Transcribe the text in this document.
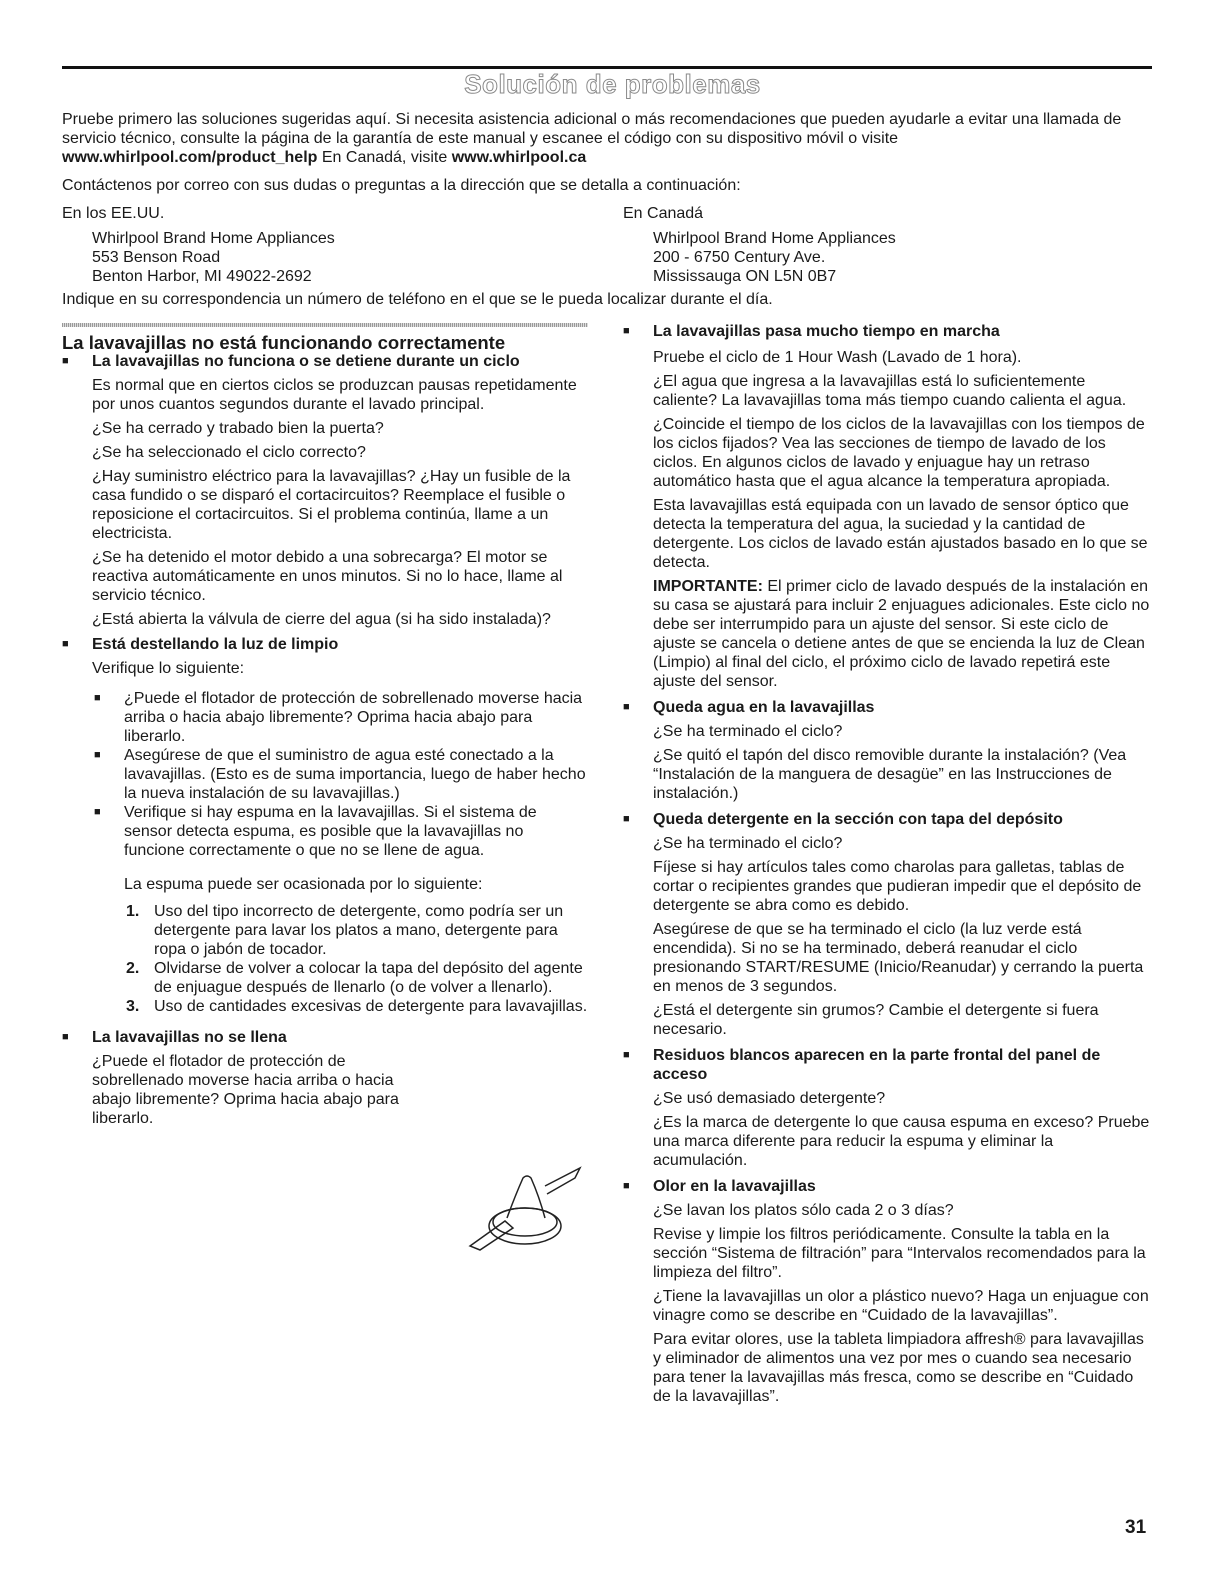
Solución de problemas

Pruebe primero las soluciones sugeridas aquí. Si necesita asistencia adicional o más recomendaciones que pueden ayudarle a evitar una llamada de servicio técnico, consulte la página de la garantía de este manual y escanee el código con su dispositivo móvil o visite www.whirlpool.com/product_help En Canadá, visite www.whirlpool.ca

Contáctenos por correo con sus dudas o preguntas a la dirección que se detalla a continuación:
En los EE.UU.	En Canadá
Whirlpool Brand Home Appliances
553 Benson Road
Benton Harbor, MI 49022-2692
Whirlpool Brand Home Appliances
200 - 6750 Century Ave.
Mississauga ON L5N 0B7
Indique en su correspondencia un número de teléfono en el que se le pueda localizar durante el día.

La lavavajillas no está funcionando correctamente

■ La lavavajillas no funciona o se detiene durante un ciclo

Es normal que en ciertos ciclos se produzcan pausas repetidamente por unos cuantos segundos durante el lavado principal.

¿Se ha cerrado y trabado bien la puerta?

¿Se ha seleccionado el ciclo correcto?

¿Hay suministro eléctrico para la lavavajillas? ¿Hay un fusible de la casa fundido o se disparó el cortacircuitos? Reemplace el fusible o reposicione el cortacircuitos. Si el problema continúa, llame a un electricista.

¿Se ha detenido el motor debido a una sobrecarga? El motor se reactiva automáticamente en unos minutos. Si no lo hace, llame al servicio técnico.

¿Está abierta la válvula de cierre del agua (si ha sido instalada)?

■ Está destellando la luz de limpio

Verifique lo siguiente:

■ ¿Puede el flotador de protección de sobrellenado moverse hacia arriba o hacia abajo libremente? Oprima hacia abajo para liberarlo.

■ Asegúrese de que el suministro de agua esté conectado a la lavavajillas. (Esto es de suma importancia, luego de haber hecho la nueva instalación de su lavavajillas.)

■ Verifique si hay espuma en la lavavajillas. Si el sistema de sensor detecta espuma, es posible que la lavavajillas no funcione correctamente o que no se llene de agua.

La espuma puede ser ocasionada por lo siguiente:

1. Uso del tipo incorrecto de detergente, como podría ser un detergente para lavar los platos a mano, detergente para ropa o jabón de tocador.

2. Olvidarse de volver a colocar la tapa del depósito del agente de enjuague después de llenarlo (o de volver a llenarlo).

3. Uso de cantidades excesivas de detergente para lavavajillas.

■ La lavavajillas no se llena

¿Puede el flotador de protección de sobrellenado moverse hacia arriba o hacia abajo libremente? Oprima hacia abajo para liberarlo.

■ La lavavajillas pasa mucho tiempo en marcha

Pruebe el ciclo de 1 Hour Wash (Lavado de 1 hora).

¿El agua que ingresa a la lavavajillas está lo suficientemente caliente? La lavavajillas toma más tiempo cuando calienta el agua.

¿Coincide el tiempo de los ciclos de la lavavajillas con los tiempos de los ciclos fijados? Vea las secciones de tiempo de lavado de los ciclos. En algunos ciclos de lavado y enjuague hay un retraso automático hasta que el agua alcance la temperatura apropiada.

Esta lavavajillas está equipada con un lavado de sensor óptico que detecta la temperatura del agua, la suciedad y la cantidad de detergente. Los ciclos de lavado están ajustados basado en lo que se detecta.

IMPORTANTE: El primer ciclo de lavado después de la instalación en su casa se ajustará para incluir 2 enjuagues adicionales. Este ciclo no debe ser interrumpido para un ajuste del sensor. Si este ciclo de ajuste se cancela o detiene antes de que se encienda la luz de Clean (Limpio) al final del ciclo, el próximo ciclo de lavado repetirá este ajuste del sensor.

■ Queda agua en la lavavajillas

¿Se ha terminado el ciclo?

¿Se quitó el tapón del disco removible durante la instalación? (Vea “Instalación de la manguera de desagüe” en las Instrucciones de instalación.)

■ Queda detergente en la sección con tapa del depósito

¿Se ha terminado el ciclo?

Fíjese si hay artículos tales como charolas para galletas, tablas de cortar o recipientes grandes que pudieran impedir que el depósito de detergente se abra como es debido.

Asegúrese de que se ha terminado el ciclo (la luz verde está encendida). Si no se ha terminado, deberá reanudar el ciclo presionando START/RESUME (Inicio/Reanudar) y cerrando la puerta en menos de 3 segundos.

¿Está el detergente sin grumos? Cambie el detergente si fuera necesario.

■ Residuos blancos aparecen en la parte frontal del panel de acceso

¿Se usó demasiado detergente?

¿Es la marca de detergente lo que causa espuma en exceso? Pruebe una marca diferente para reducir la espuma y eliminar la acumulación.

■ Olor en la lavavajillas

¿Se lavan los platos sólo cada 2 o 3 días?

Revise y limpie los filtros periódicamente. Consulte la tabla en la sección “Sistema de filtración” para “Intervalos recomendados para la limpieza del filtro”.

¿Tiene la lavavajillas un olor a plástico nuevo? Haga un enjuague con vinagre como se describe en “Cuidado de la lavavajillas”.

Para evitar olores, use la tableta limpiadora affresh® para lavavajillas y eliminador de alimentos una vez por mes o cuando sea necesario para tener la lavavajillas más fresca, como se describe en “Cuidado de la lavavajillas”.

31
